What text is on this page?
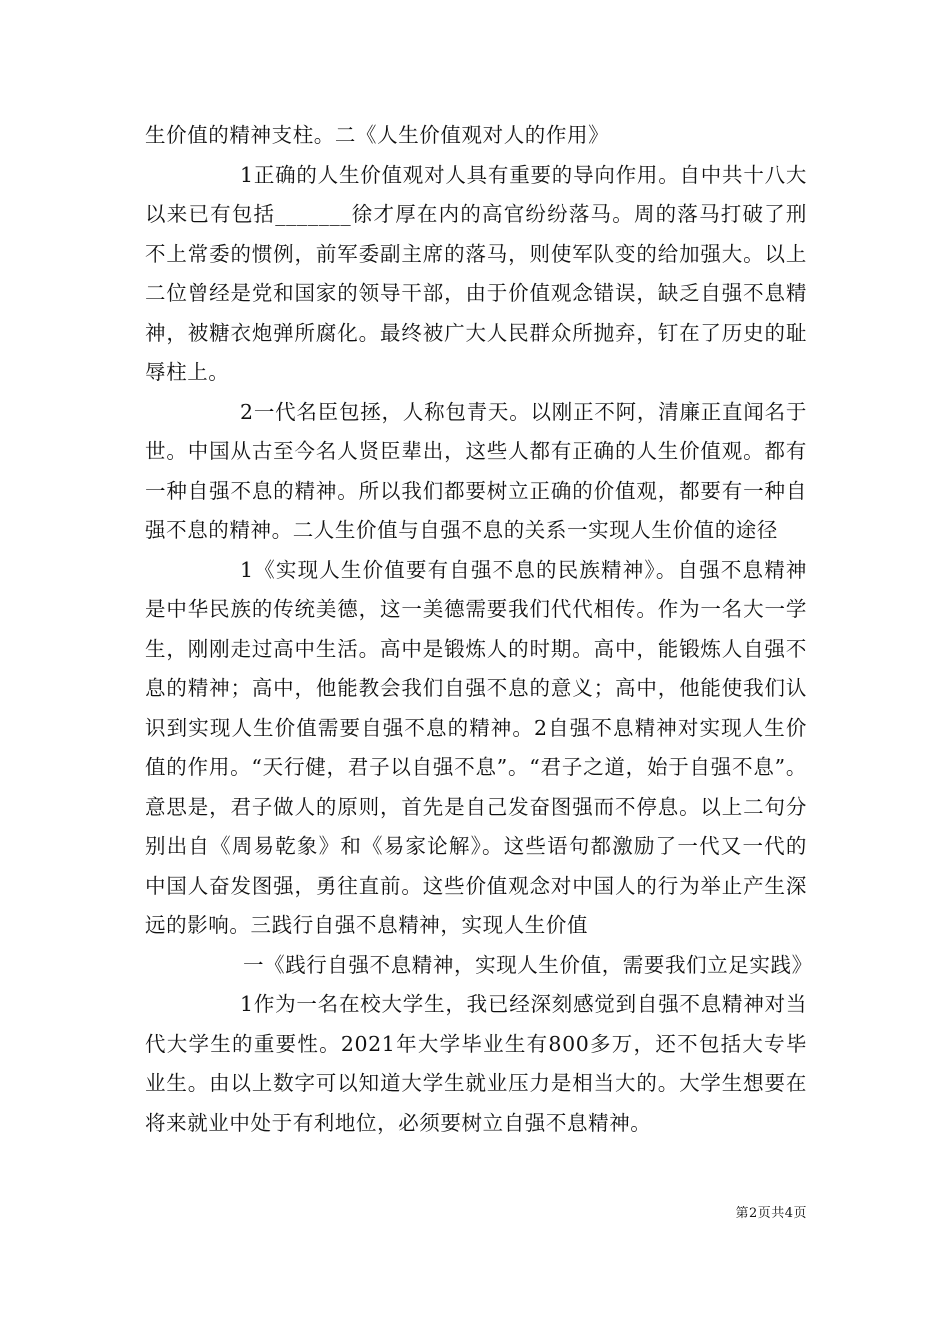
生价值的精神支柱。二《人生价值观对人的作用》

1正确的人生价值观对人具有重要的导向作用。自中共十八大以来已有包括_______徐才厚在内的高官纷纷落马。周的落马打破了刑不上常委的惯例，前军委副主席的落马，则使军队变的给加强大。以上二位曾经是党和国家的领导干部，由于价值观念错误，缺乏自强不息精神，被糖衣炮弹所腐化。最终被广大人民群众所抛弃，钉在了历史的耻辱柱上。

2一代名臣包拯，人称包青天。以刚正不阿，清廉正直闻名于世。中国从古至今名人贤臣辈出，这些人都有正确的人生价值观。都有一种自强不息的精神。所以我们都要树立正确的价值观，都要有一种自强不息的精神。二人生价值与自强不息的关系一实现人生价值的途径

1《实现人生价值要有自强不息的民族精神》。自强不息精神是中华民族的传统美德，这一美德需要我们代代相传。作为一名大一学生，刚刚走过高中生活。高中是锻炼人的时期。高中，能锻炼人自强不息的精神；高中，他能教会我们自强不息的意义；高中，他能使我们认识到实现人生价值需要自强不息的精神。2自强不息精神对实现人生价值的作用。“天行健，君子以自强不息”。“君子之道，始于自强不息”。意思是，君子做人的原则，首先是自己发奋图强而不停息。以上二句分别出自《周易乾象》和《易家论解》。这些语句都激励了一代又一代的中国人奋发图强，勇往直前。这些价值观念对中国人的行为举止产生深远的影响。三践行自强不息精神，实现人生价值

一《践行自强不息精神，实现人生价值，需要我们立足实践》

1作为一名在校大学生，我已经深刻感觉到自强不息精神对当代大学生的重要性。2021年大学毕业生有800多万，还不包括大专毕业生。由以上数字可以知道大学生就业压力是相当大的。大学生想要在将来就业中处于有利地位，必须要树立自强不息精神。

第2页共4页
